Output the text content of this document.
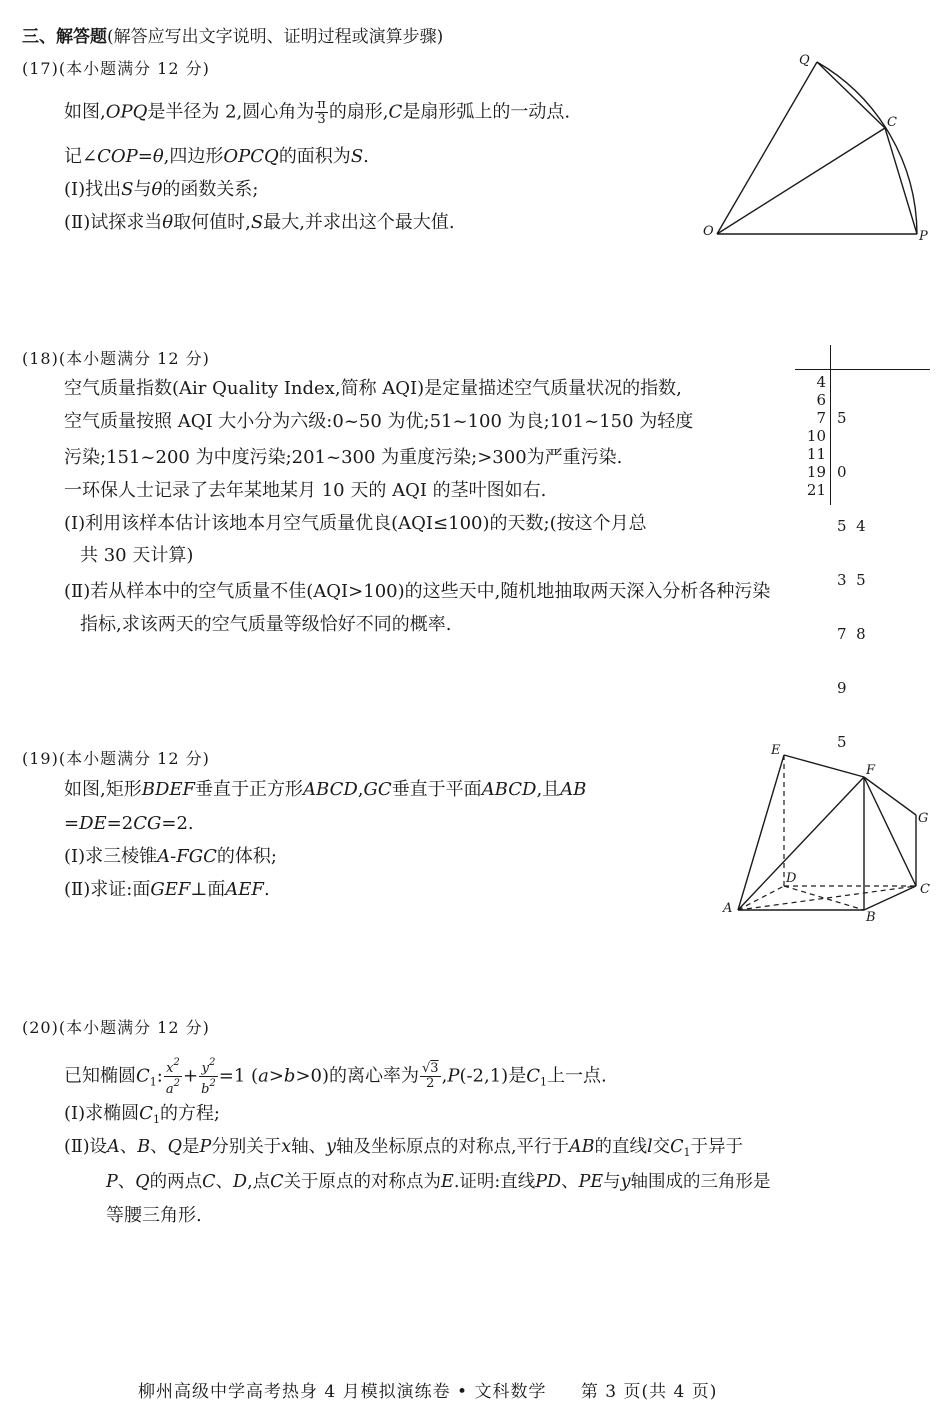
三、解答题(解答应写出文字说明、证明过程或演算步骤)
(17)(本小题满分 12 分)
如图,OPQ是半径为 2,圆心角为 $\frac{\pi}{3}$ 的扇形,C是扇形弧上的一动点.
记∠COP=θ,四边形OPCQ的面积为S.
(Ⅰ)找出S与θ的函数关系;
(Ⅱ)试探求当θ取何值时,S最大,并求出这个最大值.
Q
C
O	P
(18)(本小题满分 12 分)
空气质量指数(Air Quality Index,简称 AQI)是定量描述空气质量状况的指数,
空气质量按照 AQI 大小分为六级:0~50 为优;51~100 为良;101~150 为轻度
污染;151~200 为中度污染;201~300 为重度污染;>300为严重污染.
一环保人士记录了去年某地某月 10 天的 AQI 的茎叶图如右.
(Ⅰ)利用该样本估计该地本月空气质量优良(AQI≤100)的天数;(按这个月总
共 30 天计算)
(Ⅱ)若从样本中的空气质量不佳(AQI>100)的这些天中,随机地抽取两天深入分析各种污染
指标,求该两天的空气质量等级恰好不同的概率.
4
6
7
10
11
19
21

5

0

5  4

3  5

7  8

9

5

(19)(本小题满分 12 分)
如图,矩形BDEF垂直于正方形ABCD,GC垂直于平面ABCD,且AB
=DE=2CG=2.
(Ⅰ)求三棱锥A-FGC的体积;
(Ⅱ)求证:面GEF⊥面AEF.
E
F
G
D
C
A
B
(20)(本小题满分 12 分)
已知椭圆$C_1$: $\frac{x^2}{a^2} + \frac{y^2}{b^2} =1$ (a>b>0)的离心率为 $\frac{√3}{2} ,P(-2,1)$是$C_1$上一点.
(Ⅰ)求椭圆$C_1$的方程;
(Ⅱ)设A、B、Q是P分别关于x轴、y轴及坐标原点的对称点,平行于AB的直线l交$C_1$于异于
P、Q的两点C、D,点C关于原点的对称点为E.证明:直线PD、PE与y轴围成的三角形是
等腰三角形.
柳州高级中学高考热身 4 月模拟演练卷 • 文科数学 第 3 页(共 4 页)
